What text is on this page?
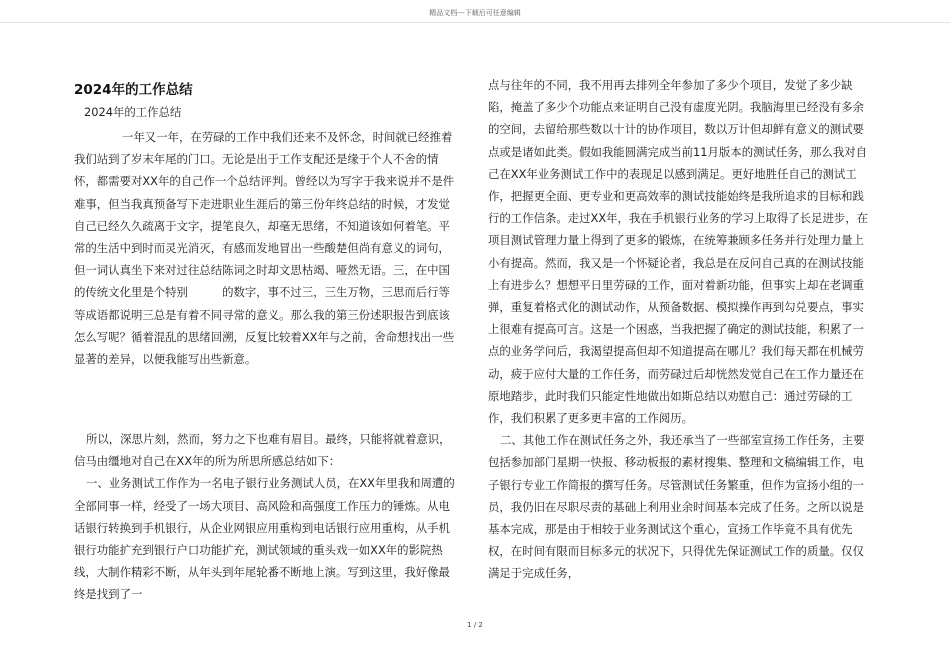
精品文档---下载后可任意编辑
2024年的工作总结
2024年的工作总结

一年又一年，在劳碌的工作中我们还来不及怀念，时间就已经推着我们站到了岁末年尾的门口。无论是出于工作支配还是缘于个人不舍的情怀，都需要对XX年的自己作一个总结评判。曾经以为写字于我来说并不是件难事，但当我真预备写下走进职业生涯后的第三份年终总结的时候，才发觉自己已经久久疏离于文字，提笔良久，却毫无思绪，不知道该如何着笔。平常的生活中到时而灵光消灭，有感而发地冒出一些酸楚但尚有意义的词句，但一词认真坐下来对过往总结陈词之时却文思枯竭、哑然无语。三，在中国的传统文化里是个特别　　　的数字，事不过三，三生万物，三思而后行等等成语都说明三总是有着不同寻常的意义。那么我的第三份述职报告到底该怎么写呢？循着混乱的思绪回溯，反复比较着XX年与之前，舍命想找出一些显著的差异，以便我能写出些新意。

所以，深思片刻，然而，努力之下也难有眉目。最终，只能将就着意识，信马由缰地对自己在XX年的所为所思所感总结如下：

一、业务测试工作作为一名电子银行业务测试人员，在XX年里我和周遭的全部同事一样，经受了一场大项目、高风险和高强度工作压力的锤炼。从电话银行转换到手机银行，从企业网银应用重构到电话银行应用重构，从手机银行功能扩充到银行户口功能扩充，测试领域的重头戏一如XX年的影院热线，大制作精彩不断，从年头到年尾轮番不断地上演。写到这里，我好像最终是找到了一

点与往年的不同，我不用再去排列全年参加了多少个项目，发觉了多少缺陷，掩盖了多少个功能点来证明自己没有虚度光阴。我脑海里已经没有多余的空间，去留给那些数以十计的协作项目，数以万计但却鲜有意义的测试要点或是诸如此类。假如我能圆满完成当前11月版本的测试任务，那么我对自己在XX年业务测试工作中的表现足以感到满足。更好地胜任自己的测试工作，把握更全面、更专业和更高效率的测试技能始终是我所追求的目标和践行的工作信条。走过XX年，我在手机银行业务的学习上取得了长足进步，在项目测试管理力量上得到了更多的锻炼，在统筹兼顾多任务并行处理力量上小有提高。然而，我又是一个怀疑论者，我总是在反问自己真的在测试技能上有进步么？想想平日里劳碌的工作，面对着新功能，但事实上却在老调重弹，重复着格式化的测试动作，从预备数据、模拟操作再到勾兑要点，事实上很难有提高可言。这是一个困惑，当我把握了确定的测试技能，积累了一点的业务学问后，我渴望提高但却不知道提高在哪儿？我们每天都在机械劳动，疲于应付大量的工作任务，而劳碌过后却恍然发觉自己在工作力量还在原地踏步，此时我们只能定性地做出如斯总结以劝慰自己：通过劳碌的工作，我们积累了更多更丰富的工作阅历。

二、其他工作在测试任务之外，我还承当了一些部室宣扬工作任务，主要包括参加部门星期一快报、移动板报的素材搜集、整理和文稿编辑工作，电子银行专业工作简报的撰写任务。尽管测试任务繁重，但作为宣扬小组的一员，我仍旧在尽职尽责的基础上利用业余时间基本完成了任务。之所以说是基本完成，那是由于相较于业务测试这个重心，宣扬工作毕竟不具有优先权，在时间有限而目标多元的状况下，只得优先保证测试工作的质量。仅仅满足于完成任务，

1 / 2
